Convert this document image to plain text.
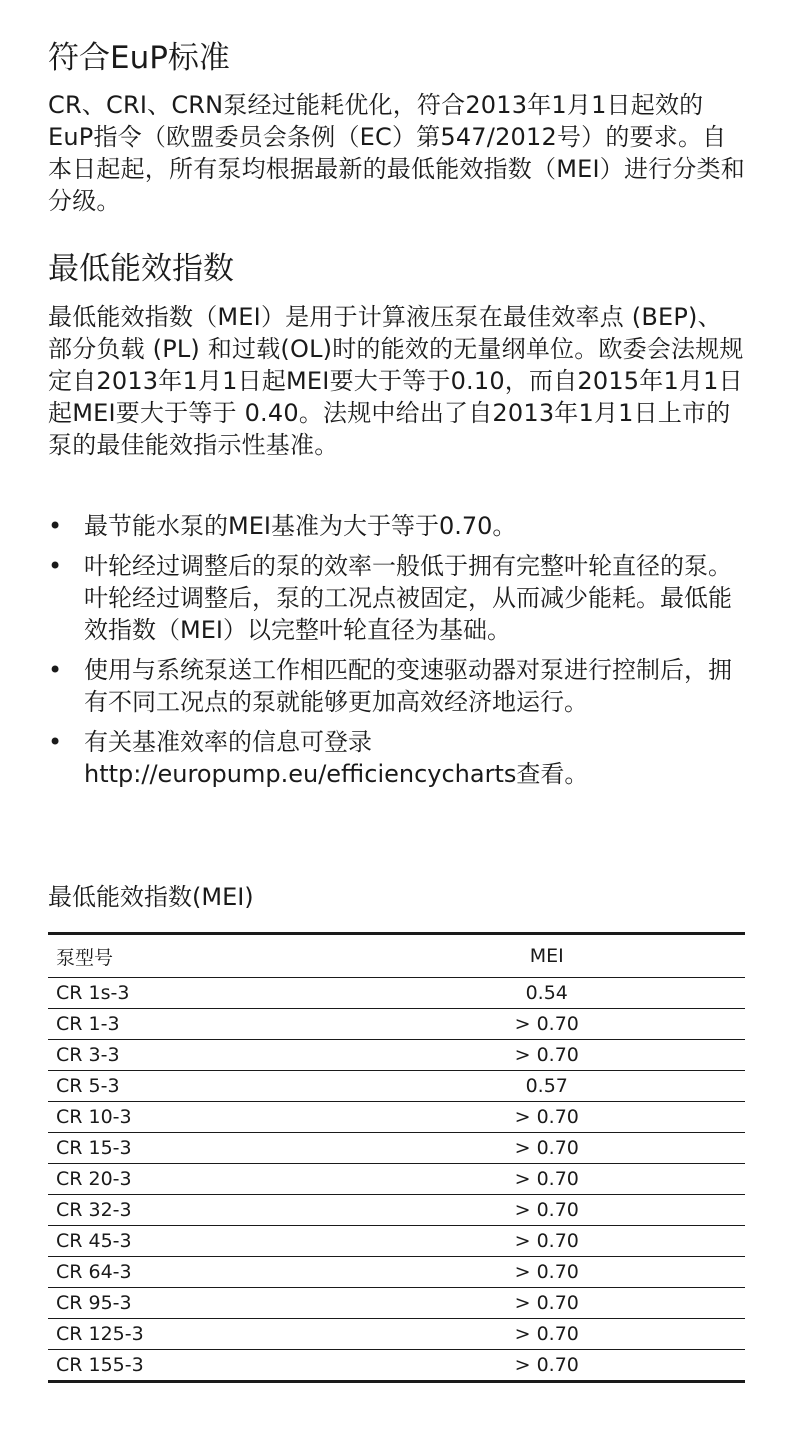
符合EuP标准

CR、CRI、CRN泵经过能耗优化，符合2013年1月1日起效的EuP指令（欧盟委员会条例（EC）第547/2012号）的要求。自本日起起，所有泵均根据最新的最低能效指数（MEI）进行分类和分级。

最低能效指数

最低能效指数（MEI）是用于计算液压泵在最佳效率点 (BEP)、部分负载 (PL) 和过载(OL)时的能效的无量纲单位。欧委会法规规定自2013年1月1日起MEI要大于等于0.10，而自2015年1月1日起MEI要大于等于 0.40。法规中给出了自2013年1月1日上市的泵的最佳能效指示性基准。

• 最节能水泵的MEI基准为大于等于0.70。
• 叶轮经过调整后的泵的效率一般低于拥有完整叶轮直径的泵。叶轮经过调整后，泵的工况点被固定，从而减少能耗。最低能效指数（MEI）以完整叶轮直径为基础。
• 使用与系统泵送工作相匹配的变速驱动器对泵进行控制后，拥有不同工况点的泵就能够更加高效经济地运行。
• 有关基准效率的信息可登录 http://europump.eu/efficiencycharts查看。
最低能效指数(MEI)
泵型号	MEI
CR 1s-3	0.54
CR 1-3	> 0.70
CR 3-3	> 0.70
CR 5-3	0.57
CR 10-3	> 0.70
CR 15-3	> 0.70
CR 20-3	> 0.70
CR 32-3	> 0.70
CR 45-3	> 0.70
CR 64-3	> 0.70
CR 95-3	> 0.70
CR 125-3	> 0.70
CR 155-3	> 0.70
